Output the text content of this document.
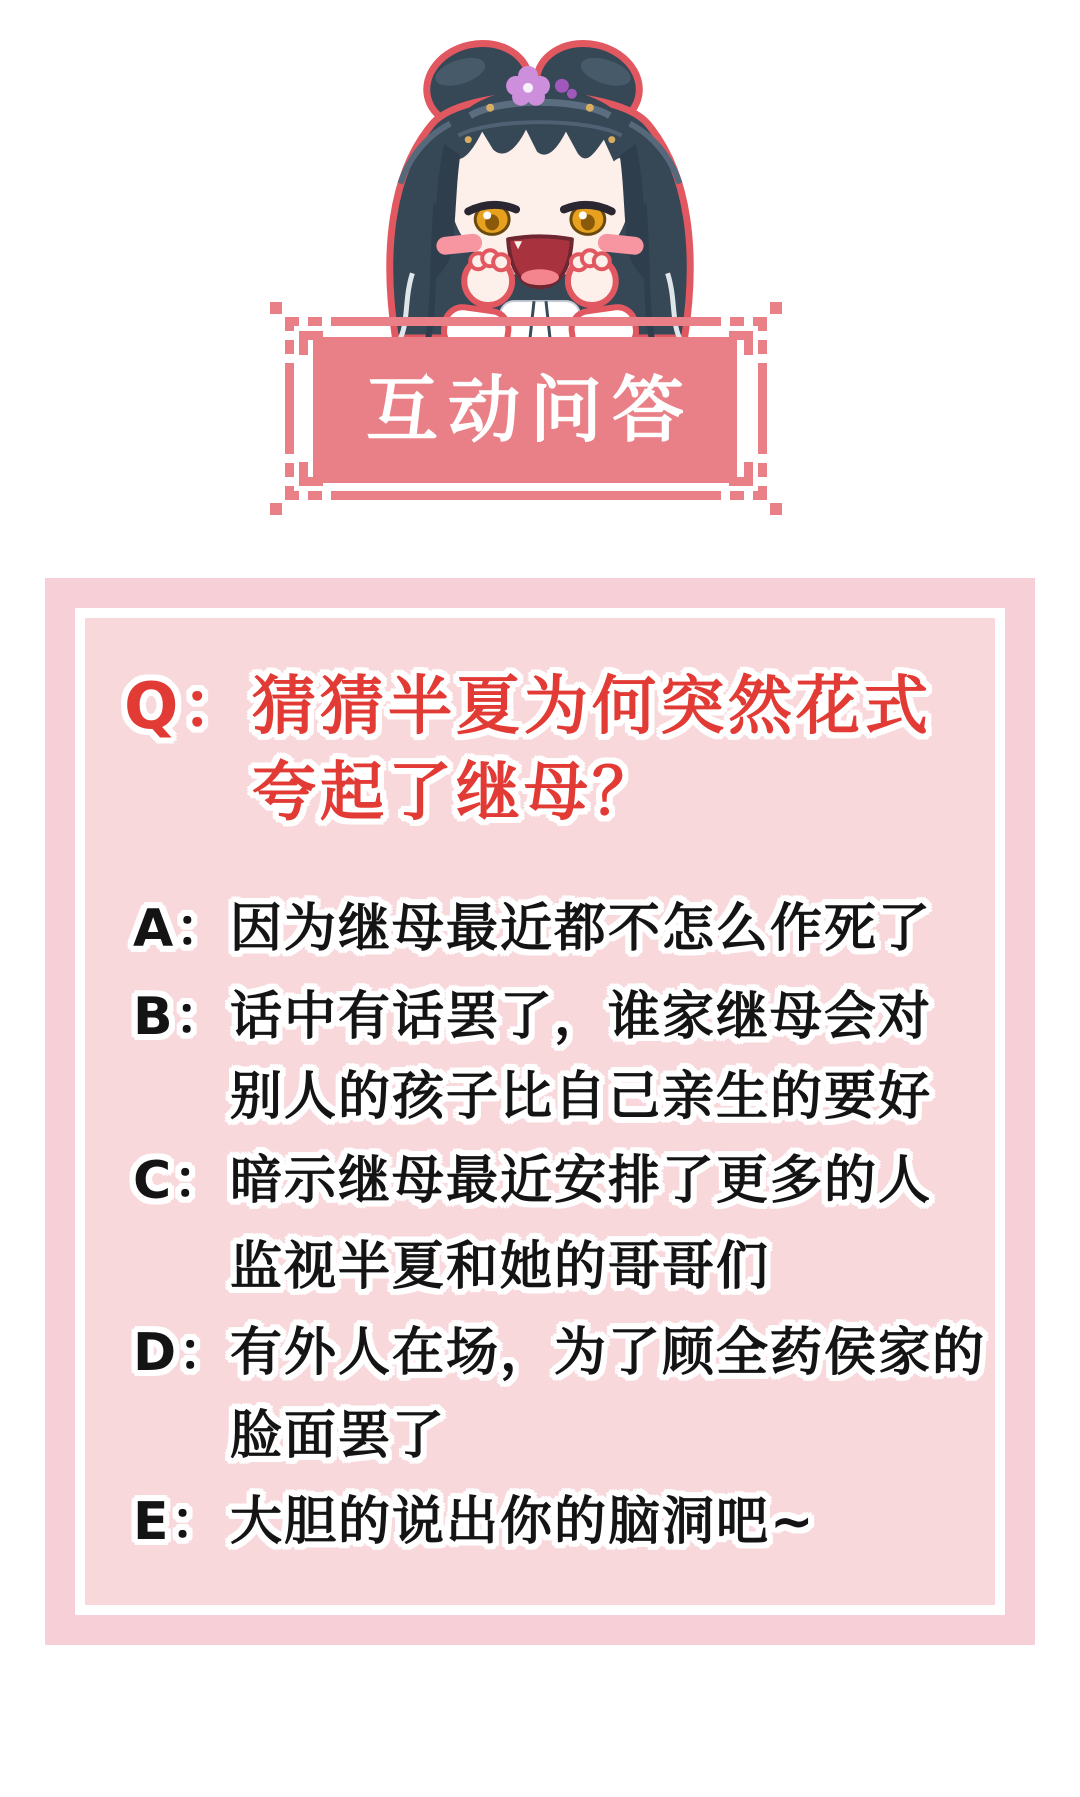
互动问答
Q：猜猜半夏为何突然花式
夸起了继母？
A：因为继母最近都不怎么作死了
B：话中有话罢了，谁家继母会对
别人的孩子比自己亲生的要好
C：暗示继母最近安排了更多的人
监视半夏和她的哥哥们
D：有外人在场，为了顾全药侯家的
脸面罢了
E： 大胆的说出你的脑洞吧~
